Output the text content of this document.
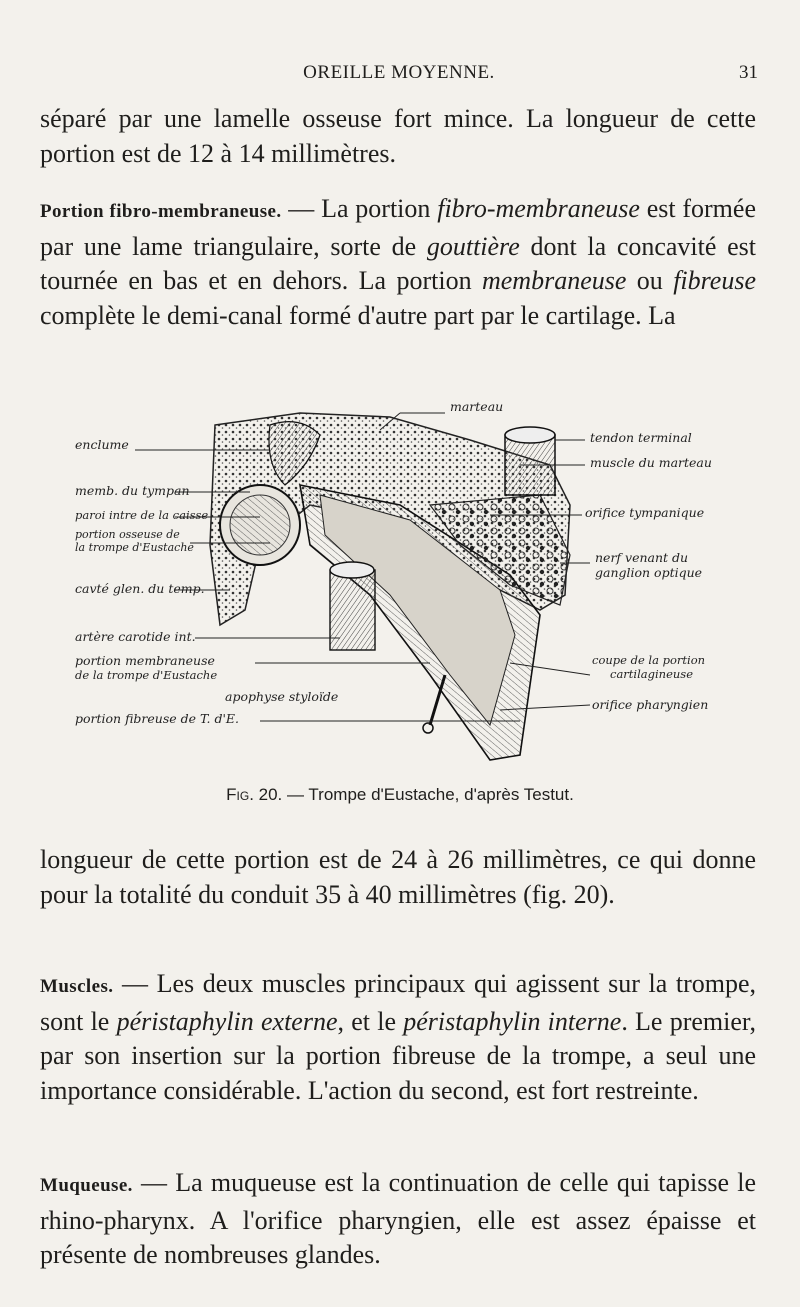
OREILLE MOYENNE.	31
séparé par une lamelle osseuse fort mince. La longueur de cette portion est de 12 à 14 millimètres.
Portion fibro-membraneuse. — La portion fibro-membraneuse est formée par une lame triangulaire, sorte de gouttière dont la concavité est tournée en bas et en dehors. La portion membraneuse ou fibreuse complète le demi-canal formé d'autre part par le cartilage. La
enclume
memb. du tympan
paroi intre de la caisse
portion osseuse de
la trompe d'Eustache
cavté glen. du temp.
artère carotide int.
portion membraneuse
de la trompe d'Eustache
apophyse styloïde
portion fibreuse de T. d'E.
marteau
tendon terminal
muscle du marteau
orifice tympanique
nerf venant du
ganglion optique
coupe de la portion
cartilagineuse
orifice pharyngien
Fig. 20. — Trompe d'Eustache, d'après Testut.
longueur de cette portion est de 24 à 26 millimètres, ce qui donne pour la totalité du conduit 35 à 40 millimètres (fig. 20).
Muscles. — Les deux muscles principaux qui agissent sur la trompe, sont le péristaphylin externe, et le péristaphylin interne. Le premier, par son insertion sur la portion fibreuse de la trompe, a seul une importance considérable. L'action du second, est fort restreinte.
Muqueuse. — La muqueuse est la continuation de celle qui tapisse le rhino-pharynx. A l'orifice pharyngien, elle est assez épaisse et présente de nombreuses glandes.
